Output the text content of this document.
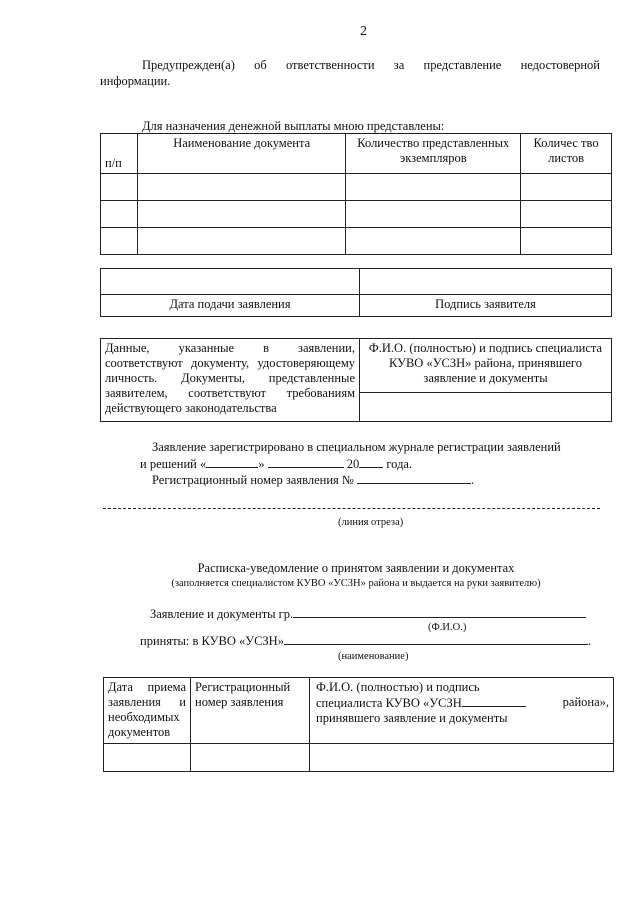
2
Предупрежден(а) об ответственности за представление недостоверной
информации.
Для назначения денежной выплаты мною представлены:
п/п	Наименование документа	Количество представленных экземпляров	Количес тво листов

Дата подачи заявления	Подпись заявителя
Данные, указанные в заявлении, соответствуют документу, удостоверяющему личность. Документы, представленные заявителем, соответствуют требованиям действующего законодательства	Ф.И.О. (полностью) и подпись специалиста КУВО «УСЗН» района, принявшего заявление и документы

Заявление зарегистрировано в специальном журнале регистрации заявлений
и решений «	»	20 года.
Регистрационный номер заявления №	.
(линия отреза)
Расписка-уведомление о принятом заявлении и документах
(заполняется специалистом КУВО «УСЗН» района и выдается на руки заявителю)
Заявление и документы гр.
(Ф.И.О.)
приняты: в КУВО «УСЗН»	.
(наименование)
Дата приема заявления и необходимых документов	Регистрационный номер заявления	Ф.И.О. (полностью) и подпись
специалиста КУВО «УСЗН района»,
принявшего заявление и документы
